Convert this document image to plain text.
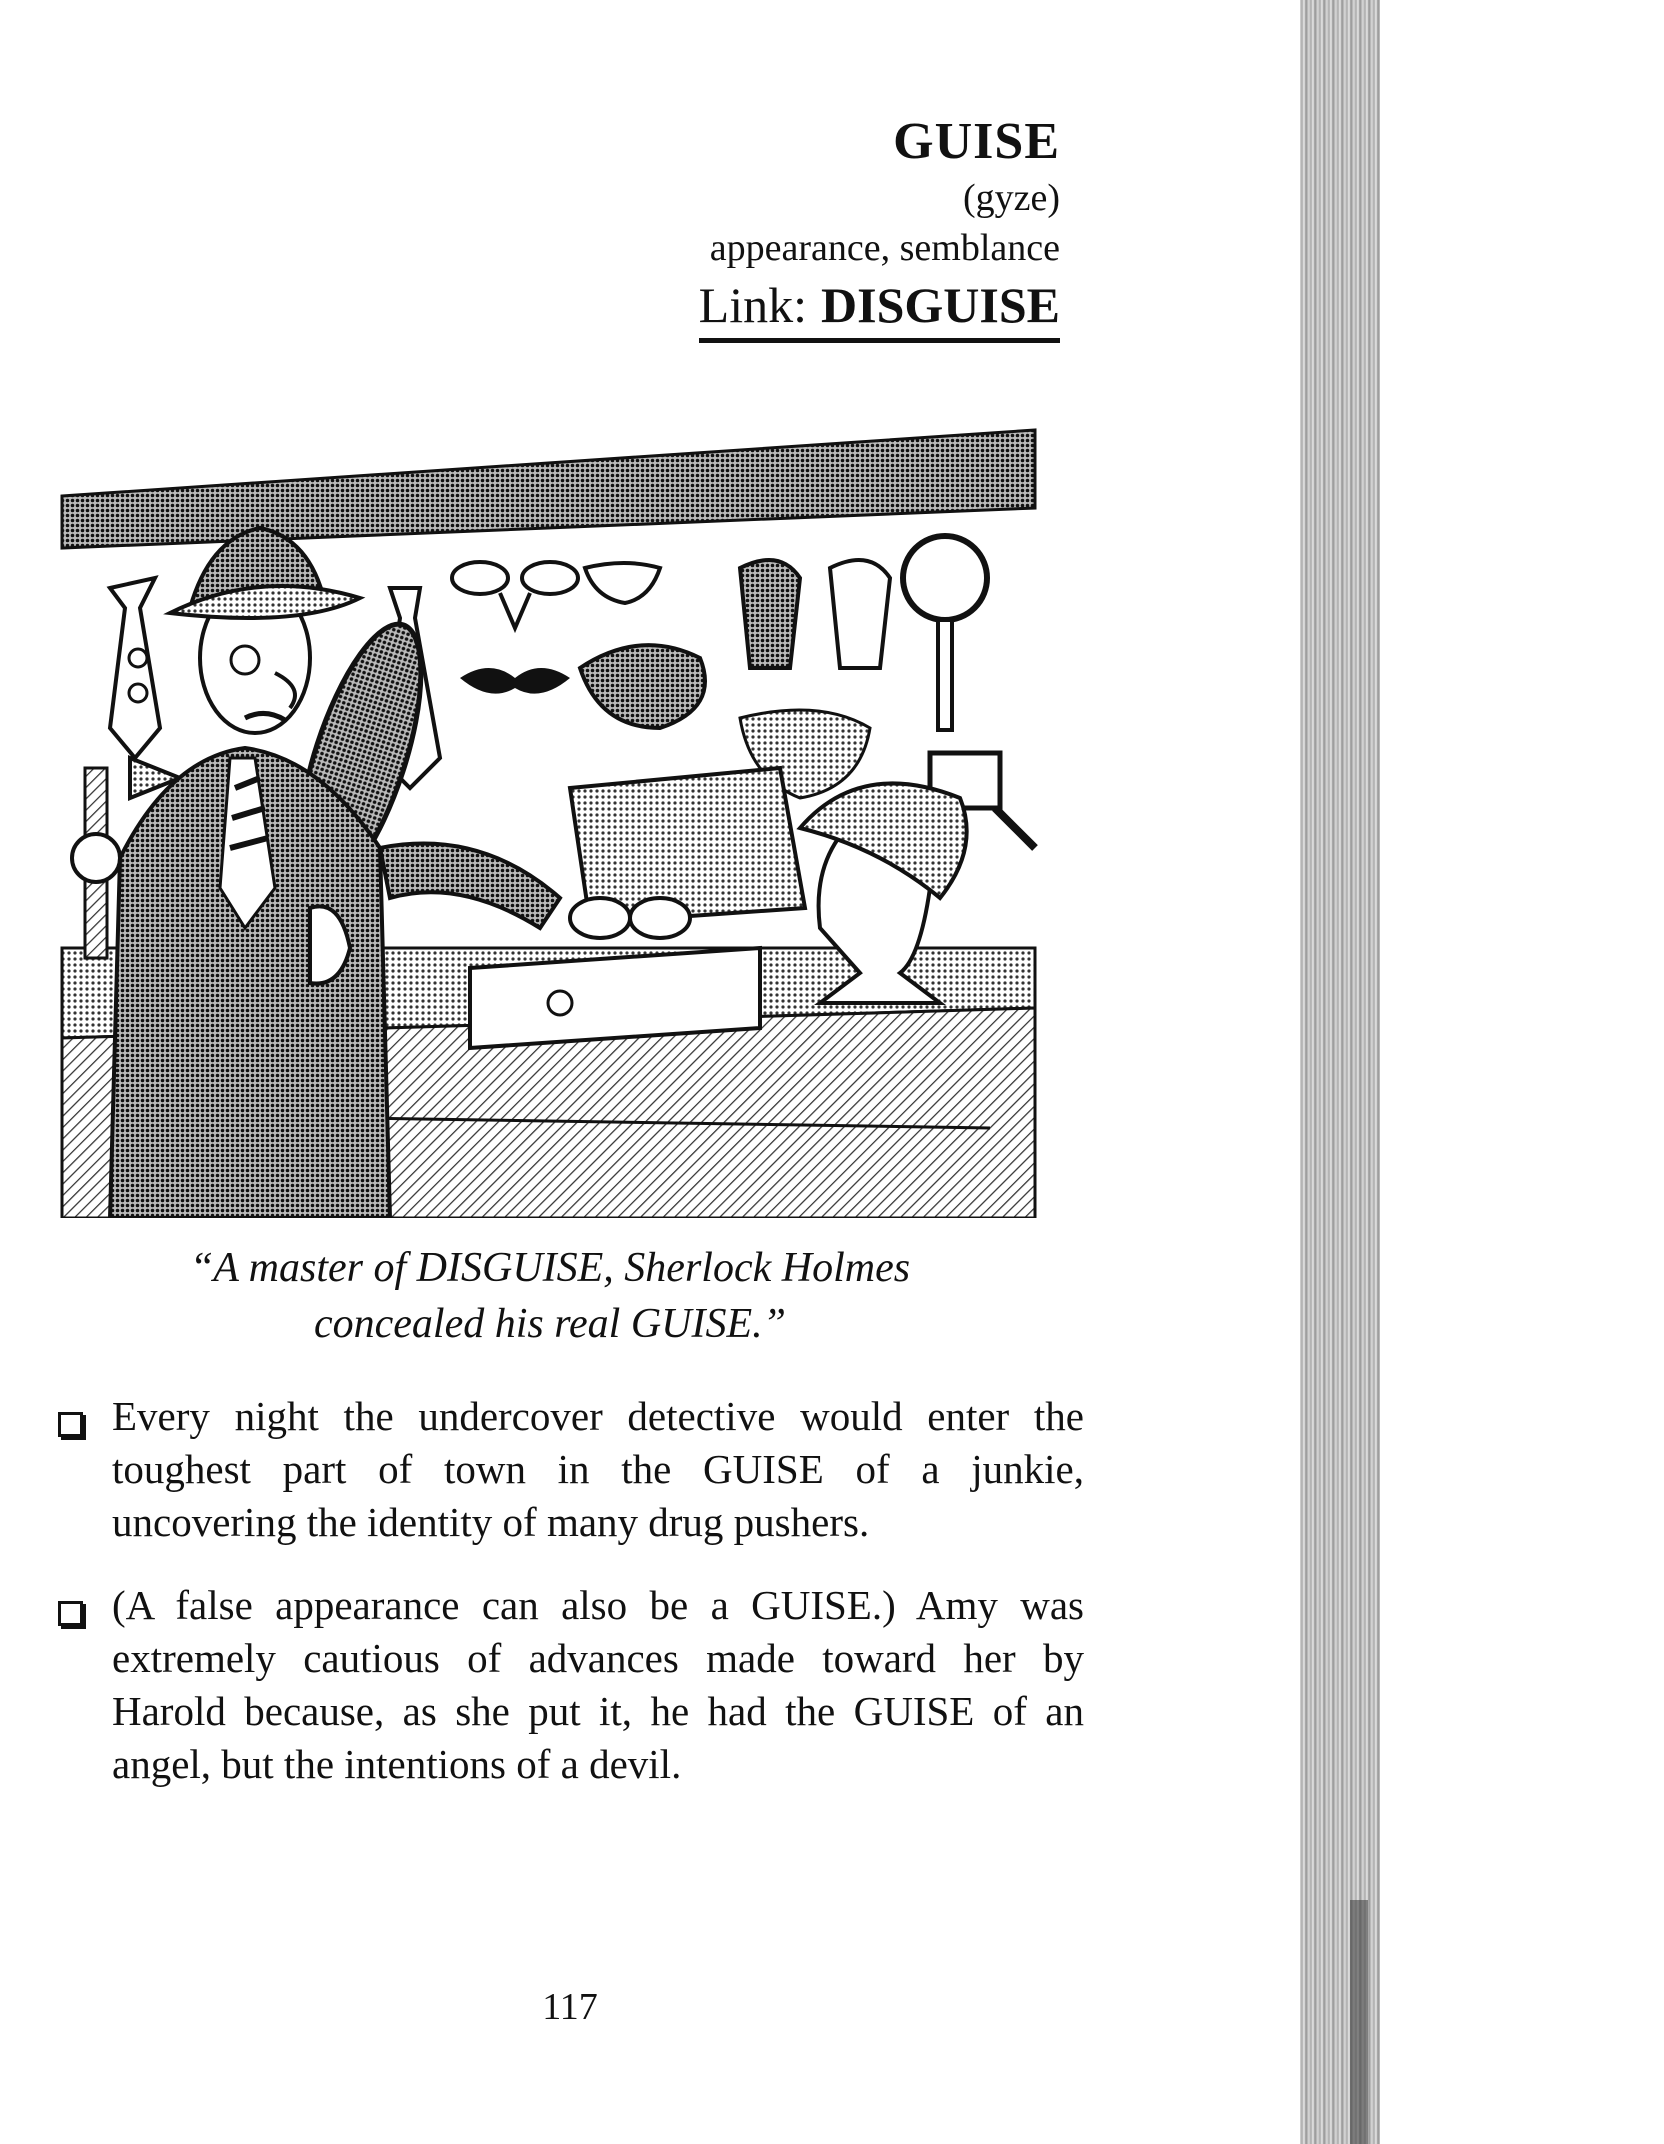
GUISE
(gyze)
appearance, semblance
Link: DISGUISE
“A master of DISGUISE, Sherlock Holmes
concealed his real GUISE.”
Every night the undercover detective would enter the toughest part of town in the GUISE of a junkie, uncovering the identity of many drug pushers.
(A false appearance can also be a GUISE.) Amy was extremely cautious of advances made toward her by Harold because, as she put it, he had the GUISE of an angel, but the intentions of a devil.
117
